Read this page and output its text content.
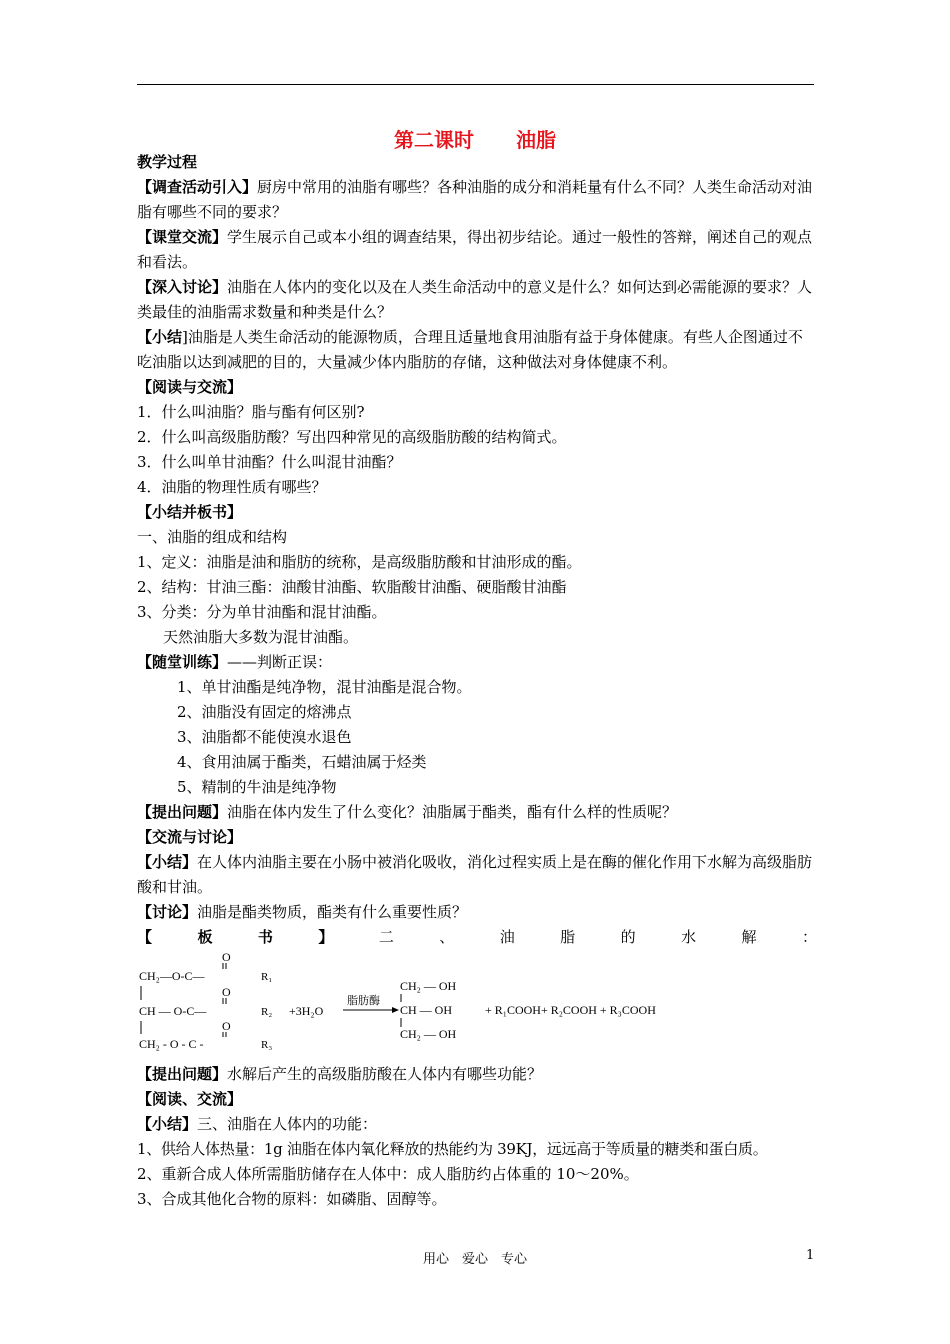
第二课时 油脂

教学过程

【调查活动引入】厨房中常用的油脂有哪些？各种油脂的成分和消耗量有什么不同？人类生命活动对油脂有哪些不同的要求？

【课堂交流】学生展示自己或本小组的调查结果，得出初步结论。通过一般性的答辩，阐述自己的观点和看法。

【深入讨论】油脂在人体内的变化以及在人类生命活动中的意义是什么？如何达到必需能源的要求？人类最佳的油脂需求数量和种类是什么？

【小结]油脂是人类生命活动的能源物质，合理且适量地食用油脂有益于身体健康。有些人企图通过不吃油脂以达到减肥的目的，大量减少体内脂肪的存储，这种做法对身体健康不利。

【阅读与交流】

1．什么叫油脂？脂与酯有何区别?

2．什么叫高级脂肪酸？写出四种常见的高级脂肪酸的结构简式。

3．什么叫单甘油酯？什么叫混甘油酯？

4．油脂的物理性质有哪些？

【小结并板书】

一、油脂的组成和结构

1、定义：油脂是油和脂肪的统称，是高级脂肪酸和甘油形成的酯。

2、结构：甘油三酯：油酸甘油酯、软脂酸甘油酯、硬脂酸甘油酯

3、分类：分为单甘油酯和混甘油酯。

天然油脂大多数为混甘油酯。

【随堂训练】——判断正误：

1、单甘油酯是纯净物，混甘油酯是混合物。

2、油脂没有固定的熔沸点

3、油脂都不能使溴水退色

4、食用油属于酯类，石蜡油属于烃类

5、精制的牛油是纯净物

【提出问题】油脂在体内发生了什么变化？油脂属于酯类，酯有什么样的性质呢？

【交流与讨论】

【小结】在人体内油脂主要在小肠中被消化吸收，消化过程实质上是在酶的催化作用下水解为高级脂肪酸和甘油。

【讨论】油脂是酯类物质，酯类有什么重要性质？

【	板	书	】	二	、	油	脂	的	水	解	：
O
CH₂—O-C—	R₁
O
CH — O-C—	R₂
O
CH₂ - O - C -	R₃
+3H₂O
脂肪酶
CH₂ — OH
CH — OH
CH₂ — OH
+ R₁COOH+ R₂COOH + R₃COOH

【提出问题】水解后产生的高级脂肪酸在人体内有哪些功能？

【阅读、交流】

【小结】三、油脂在人体内的功能：

1、供给人体热量：1g 油脂在体内氧化释放的热能约为 39KJ，远远高于等质量的糖类和蛋白质。

2、重新合成人体所需脂肪储存在人体中：成人脂肪约占体重的 10～20%。

3、合成其他化合物的原料：如磷脂、固醇等。

用心　爱心　专心	1
